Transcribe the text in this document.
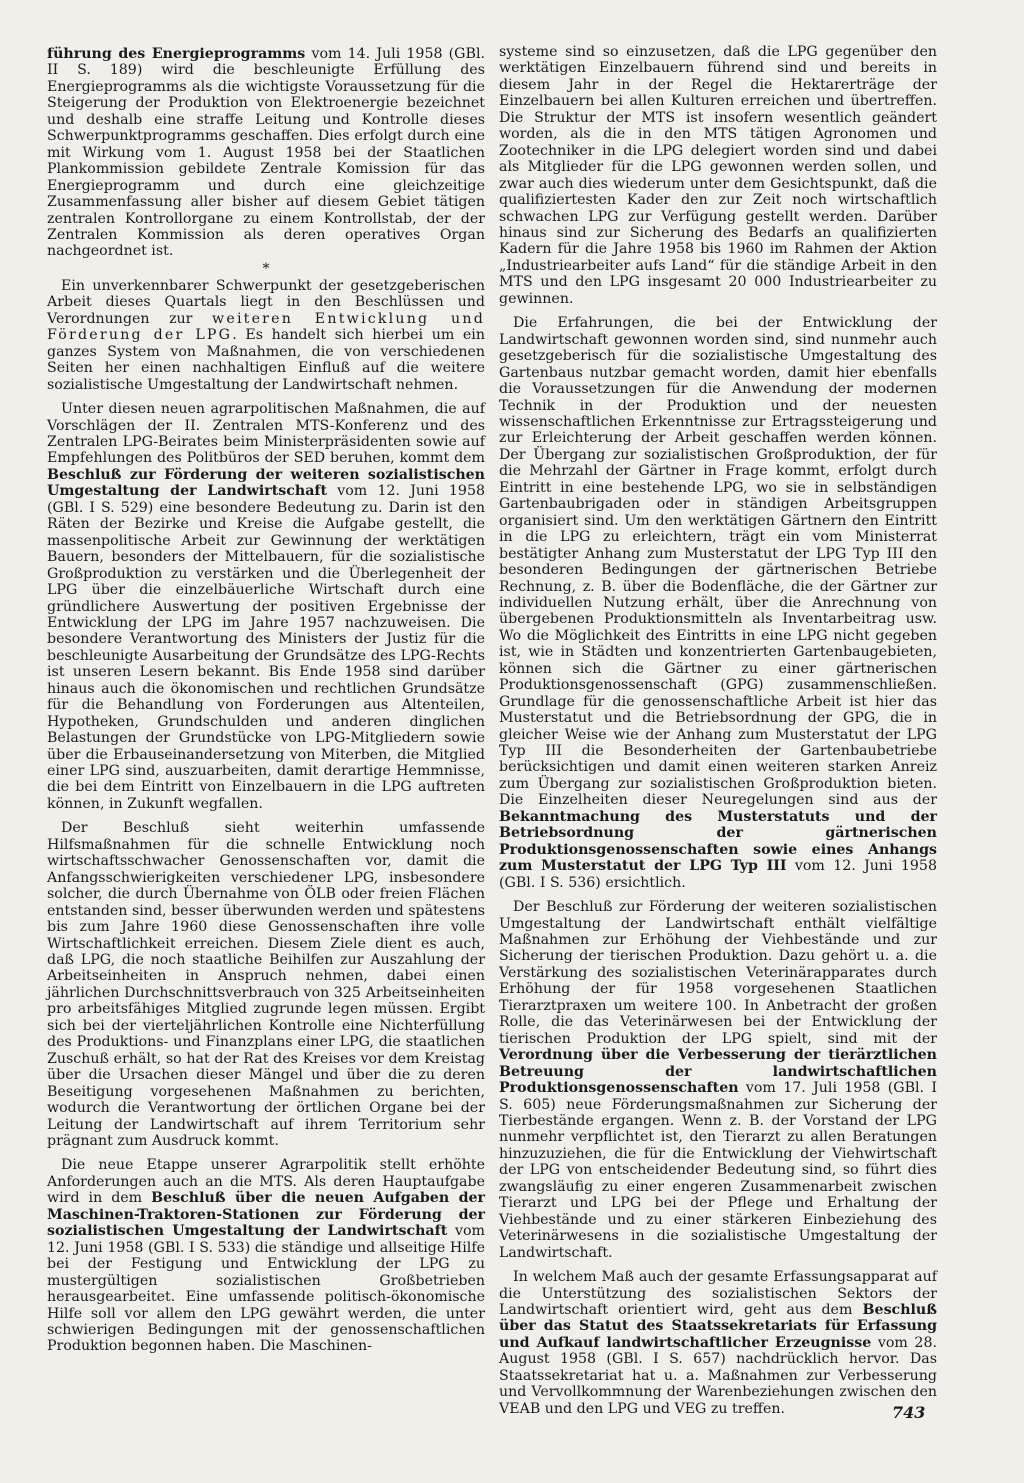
führung des Energieprogramms vom 14. Juli 1958 (GBl. II S. 189) wird die beschleunigte Erfüllung des Energieprogramms als die wichtigste Voraussetzung für die Steigerung der Produktion von Elektroenergie bezeichnet und deshalb eine straffe Leitung und Kontrolle dieses Schwerpunktprogramms geschaffen. Dies erfolgt durch eine mit Wirkung vom 1. August 1958 bei der Staatlichen Plankommission gebildete Zentrale Komission für das Energieprogramm und durch eine gleichzeitige Zusammenfassung aller bisher auf diesem Gebiet tätigen zentralen Kontrollorgane zu einem Kontrollstab, der der Zentralen Kommission als deren operatives Organ nachgeordnet ist.

*

Ein unverkennbarer Schwerpunkt der gesetzgeberischen Arbeit dieses Quartals liegt in den Beschlüssen und Verordnungen zur weiteren Entwicklung und Förderung der LPG. Es handelt sich hierbei um ein ganzes System von Maßnahmen, die von verschiedenen Seiten her einen nachhaltigen Einfluß auf die weitere sozialistische Umgestaltung der Landwirtschaft nehmen.

Unter diesen neuen agrarpolitischen Maßnahmen, die auf Vorschlägen der II. Zentralen MTS-Konferenz und des Zentralen LPG-Beirates beim Ministerpräsidenten sowie auf Empfehlungen des Politbüros der SED beruhen, kommt dem Beschluß zur Förderung der weiteren sozialistischen Umgestaltung der Landwirtschaft vom 12. Juni 1958 (GBl. I S. 529) eine besondere Bedeutung zu. Darin ist den Räten der Bezirke und Kreise die Aufgabe gestellt, die massenpolitische Arbeit zur Gewinnung der werktätigen Bauern, besonders der Mittelbauern, für die sozialistische Großproduktion zu verstärken und die Überlegenheit der LPG über die einzelbäuerliche Wirtschaft durch eine gründlichere Auswertung der positiven Ergebnisse der Entwicklung der LPG im Jahre 1957 nachzuweisen. Die besondere Verantwortung des Ministers der Justiz für die beschleunigte Ausarbeitung der Grundsätze des LPG-Rechts ist unseren Lesern bekannt. Bis Ende 1958 sind darüber hinaus auch die ökonomischen und rechtlichen Grundsätze für die Behandlung von Forderungen aus Altenteilen, Hypotheken, Grundschulden und anderen dinglichen Belastungen der Grundstücke von LPG-Mitgliedern sowie über die Erbauseinandersetzung von Miterben, die Mitglied einer LPG sind, auszuarbeiten, damit derartige Hemmnisse, die bei dem Eintritt von Einzelbauern in die LPG auftreten können, in Zukunft wegfallen.

Der Beschluß sieht weiterhin umfassende Hilfsmaßnahmen für die schnelle Entwicklung noch wirtschaftsschwacher Genossenschaften vor, damit die Anfangsschwierigkeiten verschiedener LPG, insbesondere solcher, die durch Übernahme von ÖLB oder freien Flächen entstanden sind, besser überwunden werden und spätestens bis zum Jahre 1960 diese Genossenschaften ihre volle Wirtschaftlichkeit erreichen. Diesem Ziele dient es auch, daß LPG, die noch staatliche Beihilfen zur Auszahlung der Arbeitseinheiten in Anspruch nehmen, dabei einen jährlichen Durchschnittsverbrauch von 325 Arbeitseinheiten pro arbeitsfähiges Mitglied zugrunde legen müssen. Ergibt sich bei der vierteljährlichen Kontrolle eine Nichterfüllung des Produktions- und Finanzplans einer LPG, die staatlichen Zuschuß erhält, so hat der Rat des Kreises vor dem Kreistag über die Ursachen dieser Mängel und über die zu deren Beseitigung vorgesehenen Maßnahmen zu berichten, wodurch die Verantwortung der örtlichen Organe bei der Leitung der Landwirtschaft auf ihrem Territorium sehr prägnant zum Ausdruck kommt.

Die neue Etappe unserer Agrarpolitik stellt erhöhte Anforderungen auch an die MTS. Als deren Hauptaufgabe wird in dem Beschluß über die neuen Aufgaben der Maschinen-Traktoren-Stationen zur Förderung der sozialistischen Umgestaltung der Landwirtschaft vom 12. Juni 1958 (GBl. I S. 533) die ständige und allseitige Hilfe bei der Festigung und Entwicklung der LPG zu mustergültigen sozialistischen Großbetrieben herausgearbeitet. Eine umfassende politisch-ökonomische Hilfe soll vor allem den LPG gewährt werden, die unter schwierigen Bedingungen mit der genossenschaftlichen Produktion begonnen haben. Die Maschinen-

systeme sind so einzusetzen, daß die LPG gegenüber den werktätigen Einzelbauern führend sind und bereits in diesem Jahr in der Regel die Hektarerträge der Einzelbauern bei allen Kulturen erreichen und übertreffen. Die Struktur der MTS ist insofern wesentlich geändert worden, als die in den MTS tätigen Agronomen und Zootechniker in die LPG delegiert worden sind und dabei als Mitglieder für die LPG gewonnen werden sollen, und zwar auch dies wiederum unter dem Gesichtspunkt, daß die qualifiziertesten Kader den zur Zeit noch wirtschaftlich schwachen LPG zur Verfügung gestellt werden. Darüber hinaus sind zur Sicherung des Bedarfs an qualifizierten Kadern für die Jahre 1958 bis 1960 im Rahmen der Aktion „Industriearbeiter aufs Land“ für die ständige Arbeit in den MTS und den LPG insgesamt 20 000 Industriearbeiter zu gewinnen.

Die Erfahrungen, die bei der Entwicklung der Landwirtschaft gewonnen worden sind, sind nunmehr auch gesetzgeberisch für die sozialistische Umgestaltung des Gartenbaus nutzbar gemacht worden, damit hier ebenfalls die Voraussetzungen für die Anwendung der modernen Technik in der Produktion und der neuesten wissenschaftlichen Erkenntnisse zur Ertragssteigerung und zur Erleichterung der Arbeit geschaffen werden können. Der Übergang zur sozialistischen Großproduktion, der für die Mehrzahl der Gärtner in Frage kommt, erfolgt durch Eintritt in eine bestehende LPG, wo sie in selbständigen Gartenbaubrigaden oder in ständigen Arbeitsgruppen organisiert sind. Um den werktätigen Gärtnern den Eintritt in die LPG zu erleichtern, trägt ein vom Ministerrat bestätigter Anhang zum Musterstatut der LPG Typ III den besonderen Bedingungen der gärtnerischen Betriebe Rechnung, z. B. über die Bodenfläche, die der Gärtner zur individuellen Nutzung erhält, über die Anrechnung von übergebenen Produktionsmitteln als Inventarbeitrag usw. Wo die Möglichkeit des Eintritts in eine LPG nicht gegeben ist, wie in Städten und konzentrierten Gartenbaugebieten, können sich die Gärtner zu einer gärtnerischen Produktionsgenossenschaft (GPG) zusammenschließen. Grundlage für die genossenschaftliche Arbeit ist hier das Musterstatut und die Betriebsordnung der GPG, die in gleicher Weise wie der Anhang zum Musterstatut der LPG Typ III die Besonderheiten der Gartenbaubetriebe berücksichtigen und damit einen weiteren starken Anreiz zum Übergang zur sozialistischen Großproduktion bieten. Die Einzelheiten dieser Neuregelungen sind aus der Bekanntmachung des Musterstatuts und der Betriebsordnung der gärtnerischen Produktionsgenossenschaften sowie eines Anhangs zum Musterstatut der LPG Typ III vom 12. Juni 1958 (GBl. I S. 536) ersichtlich.

Der Beschluß zur Förderung der weiteren sozialistischen Umgestaltung der Landwirtschaft enthält vielfältige Maßnahmen zur Erhöhung der Viehbestände und zur Sicherung der tierischen Produktion. Dazu gehört u. a. die Verstärkung des sozialistischen Veterinärapparates durch Erhöhung der für 1958 vorgesehenen Staatlichen Tierarztpraxen um weitere 100. In Anbetracht der großen Rolle, die das Veterinärwesen bei der Entwicklung der tierischen Produktion der LPG spielt, sind mit der Verordnung über die Verbesserung der tierärztlichen Betreuung der landwirtschaftlichen Produktionsgenossenschaften vom 17. Juli 1958 (GBl. I S. 605) neue Förderungsmaßnahmen zur Sicherung der Tierbestände ergangen. Wenn z. B. der Vorstand der LPG nunmehr verpflichtet ist, den Tierarzt zu allen Beratungen hinzuzuziehen, die für die Entwicklung der Viehwirtschaft der LPG von entscheidender Bedeutung sind, so führt dies zwangsläufig zu einer engeren Zusammenarbeit zwischen Tierarzt und LPG bei der Pflege und Erhaltung der Viehbestände und zu einer stärkeren Einbeziehung des Veterinärwesens in die sozialistische Umgestaltung der Landwirtschaft.

In welchem Maß auch der gesamte Erfassungsapparat auf die Unterstützung des sozialistischen Sektors der Landwirtschaft orientiert wird, geht aus dem Beschluß über das Statut des Staatssekretariats für Erfassung und Aufkauf landwirtschaftlicher Erzeugnisse vom 28. August 1958 (GBl. I S. 657) nachdrücklich hervor. Das Staatssekretariat hat u. a. Maßnahmen zur Verbesserung und Vervollkommnung der Warenbeziehungen zwischen den VEAB und den LPG und VEG zu treffen.	743
